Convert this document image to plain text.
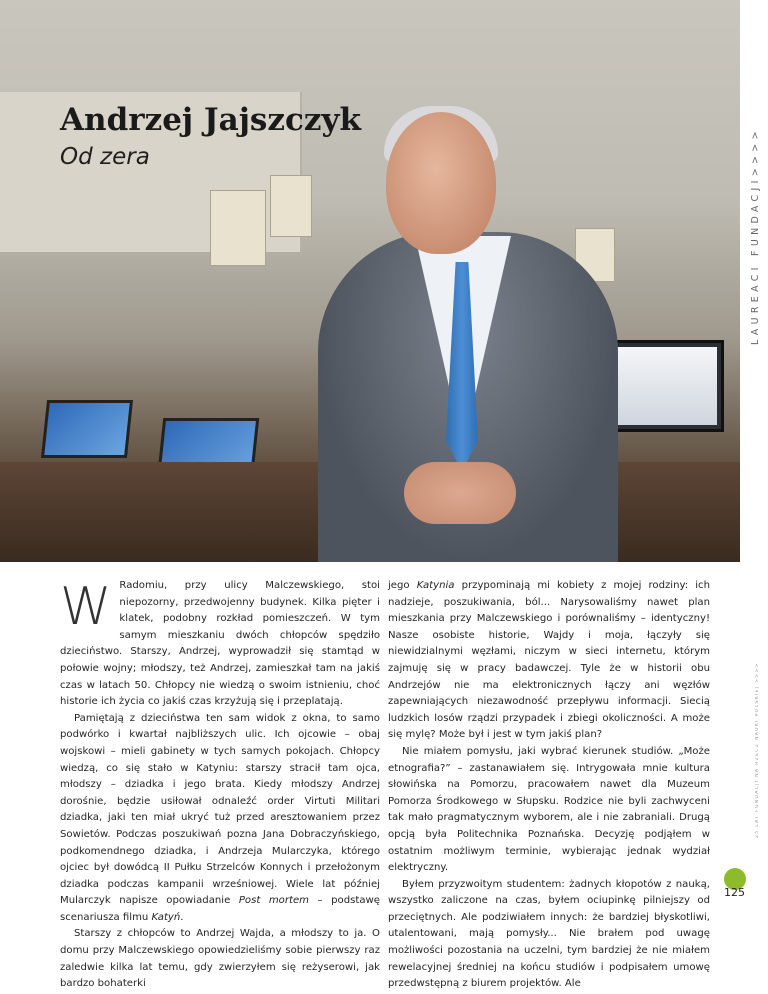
Andrzej Jajszczyk
Od zera	LAUREACI FUNDACJI>>>>
25 LAT FUNDACJI NA RZECZ NAUKI POLSKIEJ >>>>

W Radomiu, przy ulicy Malczewskiego, stoi niepozorny, przedwojenny budynek. Kilka pięter i klatek, podobny rozkład pomieszczeń. W tym samym mieszkaniu dwóch chłopców spędziło dzieciństwo. Starszy, Andrzej, wyprowadził się stamtąd w połowie wojny; młodszy, też Andrzej, zamieszkał tam na jakiś czas w latach 50. Chłopcy nie wiedzą o swoim istnieniu, choć historie ich życia co jakiś czas krzyżują się i przeplatają.

Pamiętają z dzieciństwa ten sam widok z okna, to samo podwórko i kwartał najbliższych ulic. Ich ojcowie – obaj wojskowi – mieli gabinety w tych samych pokojach. Chłopcy wiedzą, co się stało w Katyniu: starszy stracił tam ojca, młodszy – dziadka i jego brata. Kiedy młodszy Andrzej dorośnie, będzie usiłował odnaleźć order Virtuti Militari dziadka, jaki ten miał ukryć tuż przed aresztowaniem przez Sowietów. Podczas poszukiwań pozna Jana Dobraczyńskiego, podkomendnego dziadka, i Andrzeja Mularczyka, którego ojciec był dowódcą II Pułku Strzelców Konnych i przełożonym dziadka podczas kampanii wrześniowej. Wiele lat później Mularczyk napisze opowiadanie Post mortem – podstawę scenariusza filmu Katyń.

Starszy z chłopców to Andrzej Wajda, a młodszy to ja. O domu przy Malczewskiego opowiedzieliśmy sobie pierwszy raz zaledwie kilka lat temu, gdy zwierzyłem się reżyserowi, jak bardzo bohaterki

jego Katynia przypominają mi kobiety z mojej rodziny: ich nadzieje, poszukiwania, ból... Narysowaliśmy nawet plan mieszkania przy Malczewskiego i porównaliśmy – identyczny! Nasze osobiste historie, Wajdy i moja, łączyły się niewidzialnymi węzłami, niczym w sieci internetu, którym zajmuję się w pracy badawczej. Tyle że w historii obu Andrzejów nie ma elektronicznych łączy ani węzłów zapewniających niezawodność przepływu informacji. Siecią ludzkich losów rządzi przypadek i zbiegi okoliczności. A może się mylę? Może był i jest w tym jakiś plan?

Nie miałem pomysłu, jaki wybrać kierunek studiów. „Może etnografia?” – zastanawiałem się. Intrygowała mnie kultura słowińska na Pomorzu, pracowałem nawet dla Muzeum Pomorza Środkowego w Słupsku. Rodzice nie byli zachwyceni tak mało pragmatycznym wyborem, ale i nie zabraniali. Drugą opcją była Politechnika Poznańska. Decyzję podjąłem w ostatnim możliwym terminie, wybierając jednak wydział elektryczny.

Byłem przyzwoitym studentem: żadnych kłopotów z nauką, wszystko zaliczone na czas, byłem ociupinkę pilniejszy od przeciętnych. Ale podziwiałem innych: że bardziej błyskotliwi, utalentowani, mają pomysły... Nie brałem pod uwagę możliwości pozostania na uczelni, tym bardziej że nie miałem rewelacyjnej średniej na końcu studiów i podpisałem umowę przedwstępną z biurem projektów. Ale

125
